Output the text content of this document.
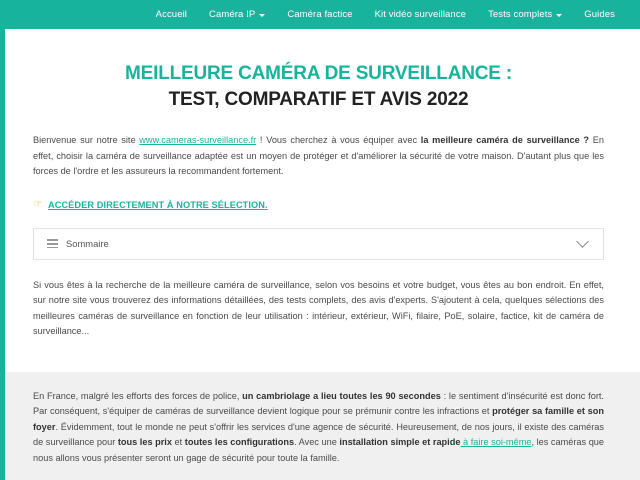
Accueil Caméra IP	Caméra factice Kit vidéo surveillance Tests complets	Guides
MEILLEURE CAMÉRA DE SURVEILLANCE :
TEST, COMPARATIF ET AVIS 2022

Bienvenue sur notre site www.cameras-surveillance.fr ! Vous cherchez à vous équiper avec la meilleure caméra de surveillance ? En effet, choisir la caméra de surveillance adaptée est un moyen de protéger et d'améliorer la sécurité de votre maison. D'autant plus que les forces de l'ordre et les assureurs la recommandent fortement.

☞ ACCÉDER DIRECTEMENT À NOTRE SÉLECTION.
Sommaire

Si vous êtes à la recherche de la meilleure caméra de surveillance, selon vos besoins et votre budget, vous êtes au bon endroit. En effet, sur notre site vous trouverez des informations détaillées, des tests complets, des avis d'experts. S'ajoutent à cela, quelques sélections des meilleures caméras de surveillance en fonction de leur utilisation : intérieur, extérieur, WiFi, filaire, PoE, solaire, factice, kit de caméra de surveillance...

En France, malgré les efforts des forces de police, un cambriolage a lieu toutes les 90 secondes : le sentiment d'insécurité est donc fort. Par conséquent, s'équiper de caméras de surveillance devient logique pour se prémunir contre les infractions et protéger sa famille et son foyer. Évidemment, tout le monde ne peut s'offrir les services d'une agence de sécurité. Heureusement, de nos jours, il existe des caméras de surveillance pour tous les prix et toutes les configurations. Avec une installation simple et rapide à faire soi-même, les caméras que nous allons vous présenter seront un gage de sécurité pour toute la famille.
